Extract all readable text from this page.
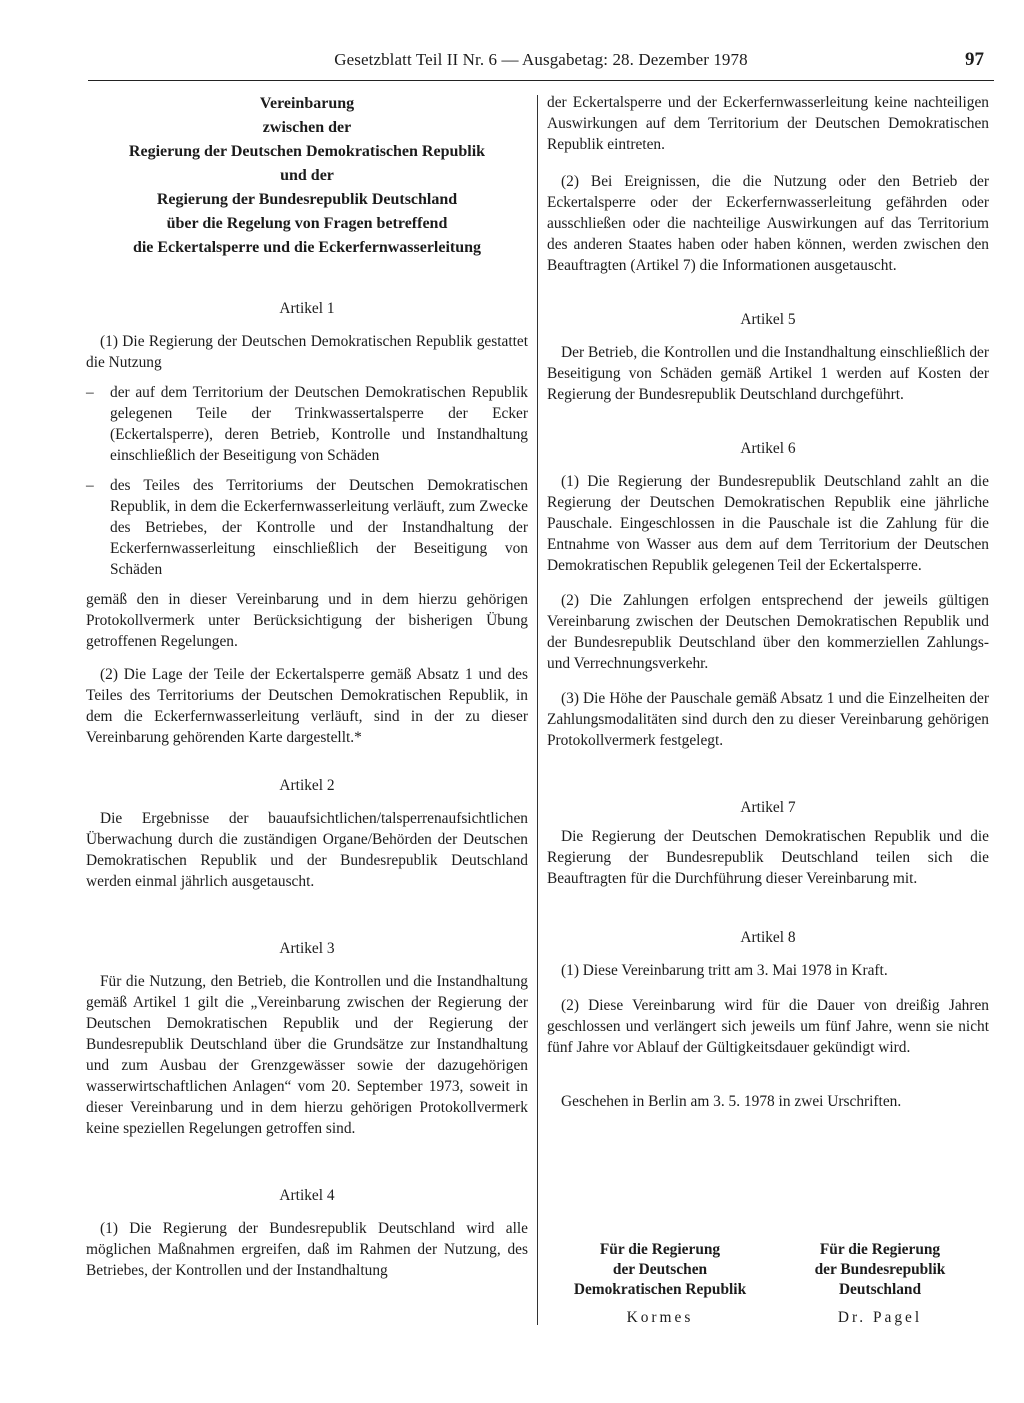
Gesetzblatt Teil II Nr. 6 — Ausgabetag: 28. Dezember 1978	97

Vereinbarung

zwischen der

Regierung der Deutschen Demokratischen Republik

und der

Regierung der Bundesrepublik Deutschland

über die Regelung von Fragen betreffend

die Eckertalsperre und die Eckerfernwasserleitung

Artikel 1

(1) Die Regierung der Deutschen Demokratischen Republik gestattet die Nutzung

–	der auf dem Territorium der Deutschen Demokratischen Republik gelegenen Teile der Trinkwassertalsperre der Ecker (Eckertalsperre), deren Betrieb, Kontrolle und Instandhaltung einschließlich der Beseitigung von Schäden
–	des Teiles des Territoriums der Deutschen Demokratischen Republik, in dem die Eckerfernwasserleitung verläuft, zum Zwecke des Betriebes, der Kontrolle und der Instandhaltung der Eckerfernwasserleitung einschließlich der Beseitigung von Schäden

gemäß den in dieser Vereinbarung und in dem hierzu gehörigen Protokollvermerk unter Berücksichtigung der bisherigen Übung getroffenen Regelungen.

(2) Die Lage der Teile der Eckertalsperre gemäß Absatz 1 und des Teiles des Territoriums der Deutschen Demokratischen Republik, in dem die Eckerfernwasserleitung verläuft, sind in der zu dieser Vereinbarung gehörenden Karte dargestellt.*

Artikel 2

Die Ergebnisse der bauaufsichtlichen/talsperrenaufsichtlichen Überwachung durch die zuständigen Organe/Behörden der Deutschen Demokratischen Republik und der Bundesrepublik Deutschland werden einmal jährlich ausgetauscht.

Artikel 3

Für die Nutzung, den Betrieb, die Kontrollen und die Instandhaltung gemäß Artikel 1 gilt die „Vereinbarung zwischen der Regierung der Deutschen Demokratischen Republik und der Regierung der Bundesrepublik Deutschland über die Grundsätze zur Instandhaltung und zum Ausbau der Grenzgewässer sowie der dazugehörigen wasserwirtschaftlichen Anlagen“ vom 20. September 1973, soweit in dieser Vereinbarung und in dem hierzu gehörigen Protokollvermerk keine speziellen Regelungen getroffen sind.

Artikel 4

(1) Die Regierung der Bundesrepublik Deutschland wird alle möglichen Maßnahmen ergreifen, daß im Rahmen der Nutzung, des Betriebes, der Kontrollen und der Instandhaltung

der Eckertalsperre und der Eckerfernwasserleitung keine nachteiligen Auswirkungen auf dem Territorium der Deutschen Demokratischen Republik eintreten.

(2) Bei Ereignissen, die die Nutzung oder den Betrieb der Eckertalsperre oder der Eckerfernwasserleitung gefährden oder ausschließen oder die nachteilige Auswirkungen auf das Territorium des anderen Staates haben oder haben können, werden zwischen den Beauftragten (Artikel 7) die Informationen ausgetauscht.

Artikel 5

Der Betrieb, die Kontrollen und die Instandhaltung einschließlich der Beseitigung von Schäden gemäß Artikel 1 werden auf Kosten der Regierung der Bundesrepublik Deutschland durchgeführt.

Artikel 6

(1) Die Regierung der Bundesrepublik Deutschland zahlt an die Regierung der Deutschen Demokratischen Republik eine jährliche Pauschale. Eingeschlossen in die Pauschale ist die Zahlung für die Entnahme von Wasser aus dem auf dem Territorium der Deutschen Demokratischen Republik gelegenen Teil der Eckertalsperre.

(2) Die Zahlungen erfolgen entsprechend der jeweils gültigen Vereinbarung zwischen der Deutschen Demokratischen Republik und der Bundesrepublik Deutschland über den kommerziellen Zahlungs- und Verrechnungsverkehr.

(3) Die Höhe der Pauschale gemäß Absatz 1 und die Einzelheiten der Zahlungsmodalitäten sind durch den zu dieser Vereinbarung gehörigen Protokollvermerk festgelegt.

Artikel 7

Die Regierung der Deutschen Demokratischen Republik und die Regierung der Bundesrepublik Deutschland teilen sich die Beauftragten für die Durchführung dieser Vereinbarung mit.

Artikel 8

(1) Diese Vereinbarung tritt am 3. Mai 1978 in Kraft.

(2) Diese Vereinbarung wird für die Dauer von dreißig Jahren geschlossen und verlängert sich jeweils um fünf Jahre, wenn sie nicht fünf Jahre vor Ablauf der Gültigkeitsdauer gekündigt wird.

Geschehen in Berlin am 3. 5. 1978 in zwei Urschriften.

Für die Regierung
der Deutschen
Demokratischen Republik
Kormes
Für die Regierung
der Bundesrepublik
Deutschland
Dr. Pagel
